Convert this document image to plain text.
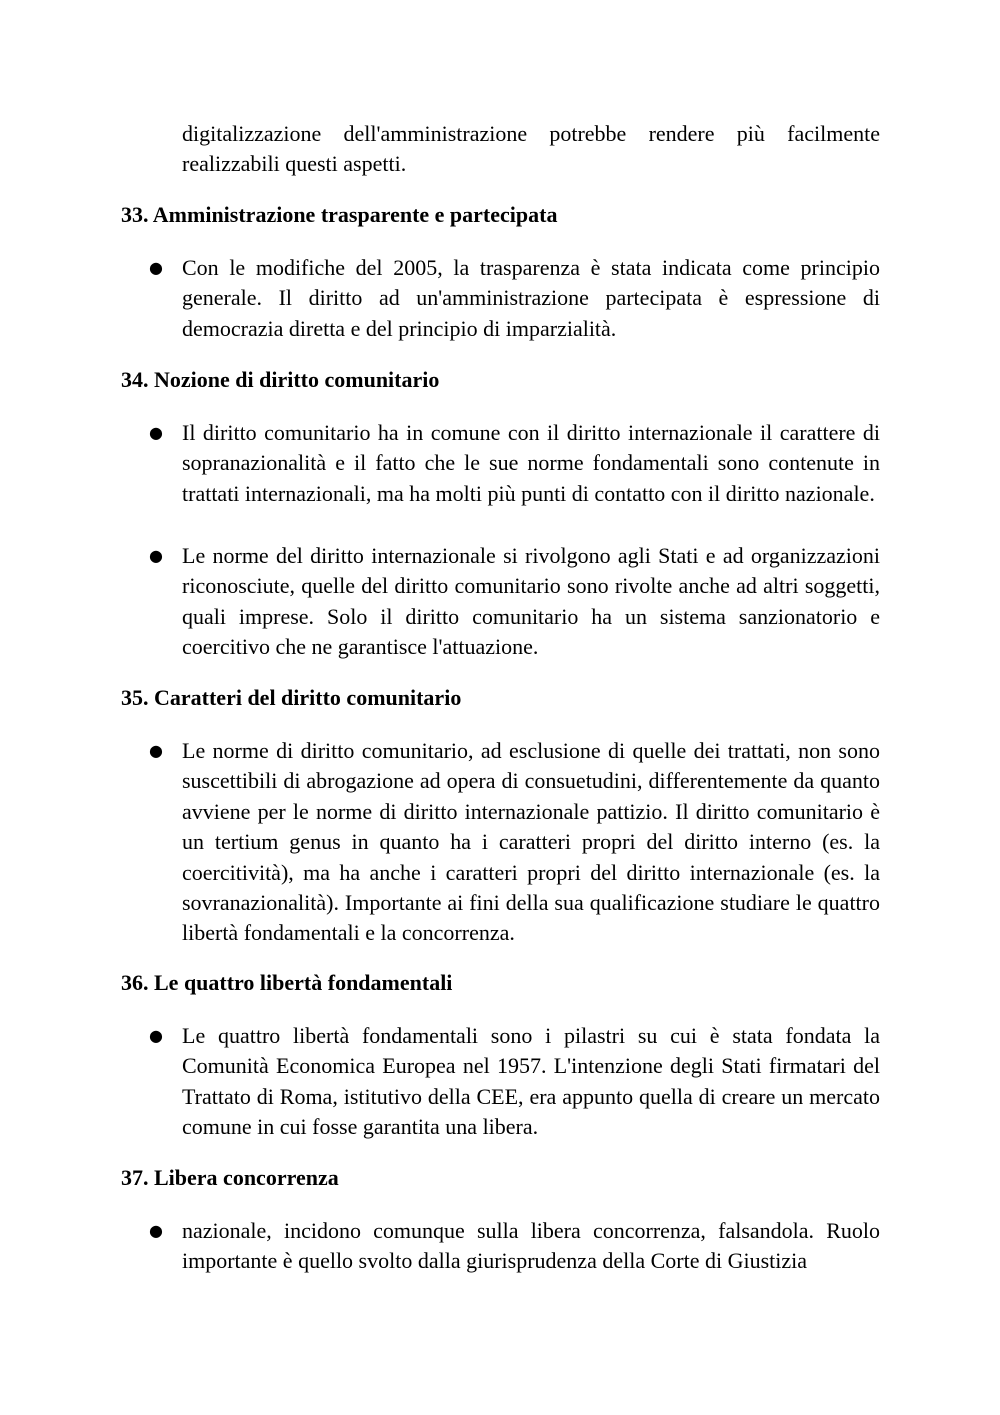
digitalizzazione dell'amministrazione potrebbe rendere più facilmente realizzabili questi aspetti.

33. Amministrazione trasparente e partecipata
● Con le modifiche del 2005, la trasparenza è stata indicata come principio generale. Il diritto ad un'amministrazione partecipata è espressione di democrazia diretta e del principio di imparzialità.
34. Nozione di diritto comunitario
● Il diritto comunitario ha in comune con il diritto internazionale il carattere di sopranazionalità e il fatto che le sue norme fondamentali sono contenute in trattati internazionali, ma ha molti più punti di contatto con il diritto nazionale.
● Le norme del diritto internazionale si rivolgono agli Stati e ad organizzazioni riconosciute, quelle del diritto comunitario sono rivolte anche ad altri soggetti, quali imprese. Solo il diritto comunitario ha un sistema sanzionatorio e coercitivo che ne garantisce l'attuazione.
35. Caratteri del diritto comunitario
● Le norme di diritto comunitario, ad esclusione di quelle dei trattati, non sono suscettibili di abrogazione ad opera di consuetudini, differentemente da quanto avviene per le norme di diritto internazionale pattizio. Il diritto comunitario è un tertium genus in quanto ha i caratteri propri del diritto interno (es. la coercitività), ma ha anche i caratteri propri del diritto internazionale (es. la sovranazionalità). Importante ai fini della sua qualificazione studiare le quattro libertà fondamentali e la concorrenza.
36. Le quattro libertà fondamentali
● Le quattro libertà fondamentali sono i pilastri su cui è stata fondata la Comunità Economica Europea nel 1957. L'intenzione degli Stati firmatari del Trattato di Roma, istitutivo della CEE, era appunto quella di creare un mercato comune in cui fosse garantita una libera.
37. Libera concorrenza
● nazionale, incidono comunque sulla libera concorrenza, falsandola. Ruolo importante è quello svolto dalla giurisprudenza della Corte di Giustizia
